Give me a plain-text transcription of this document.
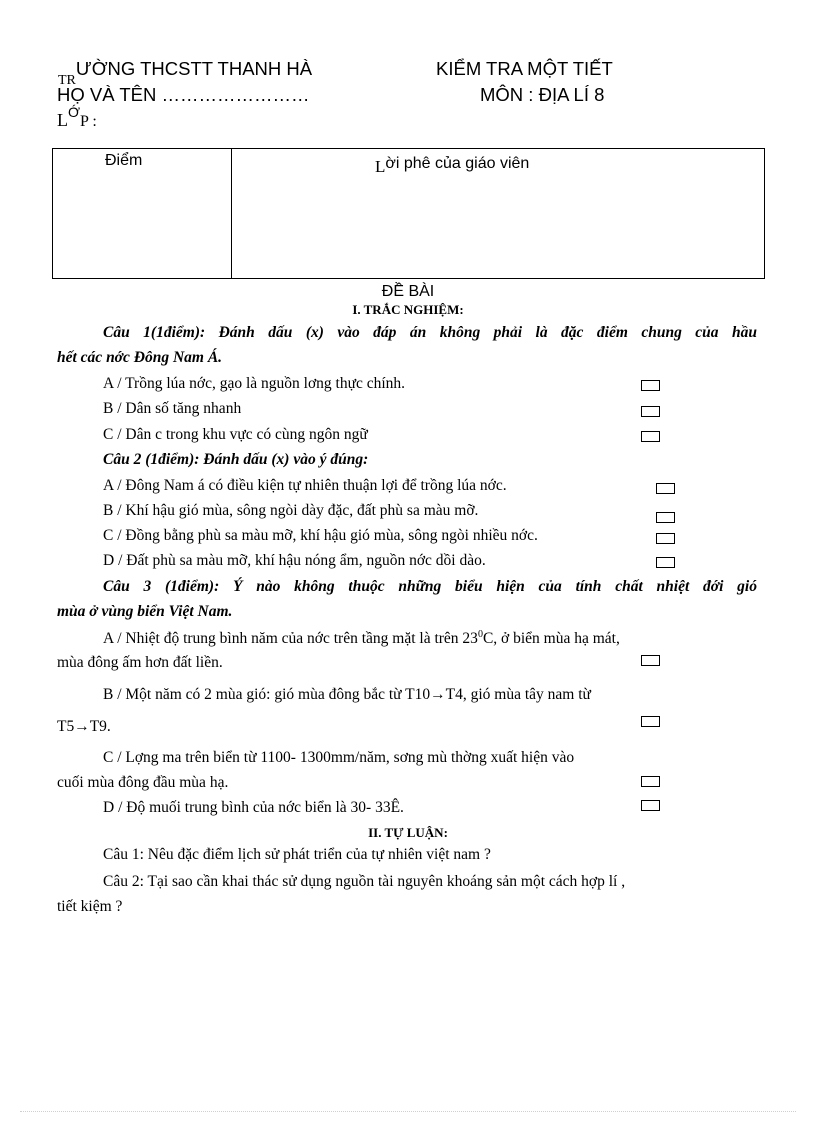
$_{TR}$ƯỜNG THCSTT THANH HÀ	KIỂM TRA MỘT TIẾT
HỌ VÀ TÊN ……………………	MÔN : ĐỊA LÍ 8
$L^ỚP$ :
Điểm	Lời phê của giáo viên
ĐỀ BÀI
I. TRẮC NGHIỆM:
Câu 1(1điểm): Đánh dấu (x) vào đáp án không phải là đặc điểm chung của hầu
hết các nớc Đông Nam Á.
A / Trồng lúa nớc, gạo là nguồn lơng thực chính.
B / Dân số tăng nhanh
C / Dân c trong khu vực có cùng ngôn ngữ
Câu 2 (1điểm): Đánh dấu (x) vào ý đúng:
A / Đông Nam á có điều kiện tự nhiên thuận lợi để trồng lúa nớc.
B / Khí hậu gió mùa, sông ngòi dày đặc, đất phù sa màu mỡ.
C / Đồng bằng phù sa màu mỡ, khí hậu gió mùa, sông ngòi nhiều nớc.
D / Đất phù sa màu mỡ, khí hậu nóng ẩm, nguồn nớc dồi dào.
Câu 3 (1điểm): Ý nào không thuộc những biểu hiện của tính chất nhiệt đới gió
mùa ở vùng biển Việt Nam.
A / Nhiệt độ trung bình năm của nớc trên tầng mặt là trên $23^0C$, ở biển mùa hạ mát,
mùa đông ấm hơn đất liền.
B / Một năm có 2 mùa gió: gió mùa đông bắc từ T10→T4, gió mùa tây nam từ
T5→T9.
C / Lợng ma trên biển từ 1100- 1300mm/năm, sơng mù thờng xuất hiện vào
cuối mùa đông đầu mùa hạ.
D / Độ muối trung bình của nớc biển là 30- 33Ê.
II. TỰ LUẬN:
Câu 1: Nêu đặc điểm lịch sử phát triển của tự nhiên việt nam ?
Câu 2: Tại sao cần khai thác sử dụng nguồn tài nguyên khoáng sản một cách hợp lí ,
tiết kiệm ?
